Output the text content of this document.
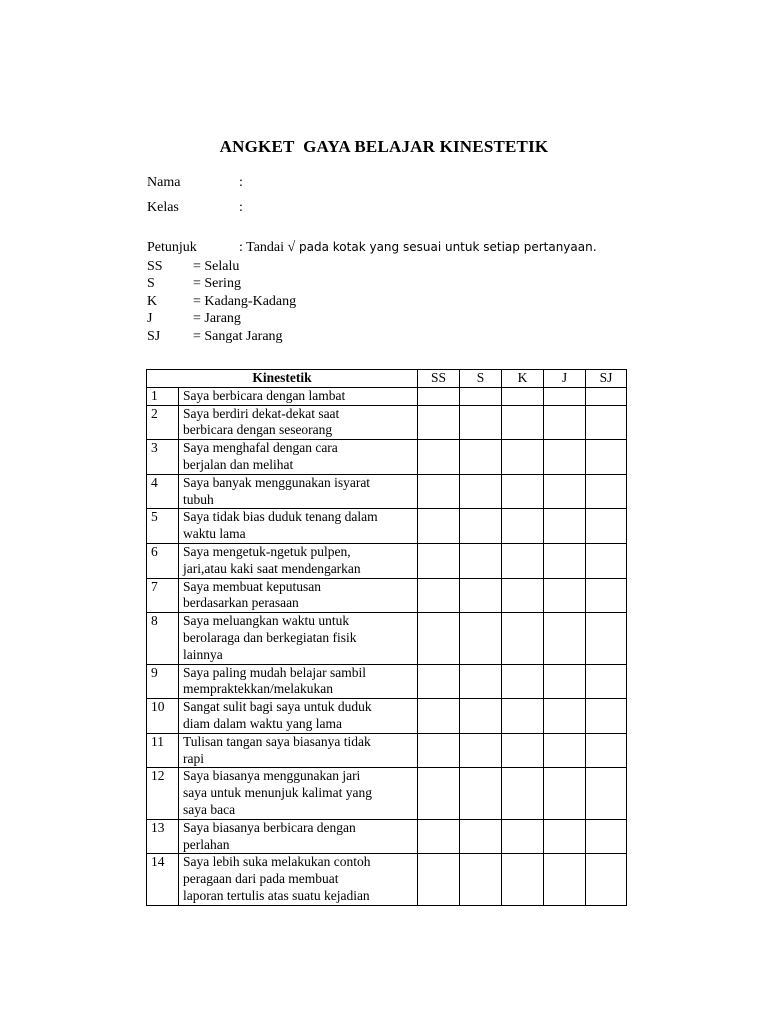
ANGKET  GAYA BELAJAR KINESTETIK
Nama	:
Kelas	:
Petunjuk	: Tandai √ pada kotak yang sesuai untuk setiap pertanyaan.
SS = Selalu
S	= Sering
K	= Kadang-Kadang
J	= Jarang
SJ = Sangat Jarang
Kinestetik		SS	S	K	J	SJ
1	Saya berbicara dengan lambat					

2	Saya berdiri dekat-dekat saat
berbicara dengan seseorang					

3	Saya menghafal dengan cara
berjalan dan melihat					

4	Saya banyak menggunakan isyarat
tubuh					

5	Saya tidak bias duduk tenang dalam
waktu lama					

6	Saya mengetuk-ngetuk pulpen,
jari,atau kaki saat mendengarkan					

7	Saya membuat keputusan
berdasarkan perasaan					

8	Saya meluangkan waktu untuk
berolaraga dan berkegiatan fisik
lainnya					

9	Saya paling mudah belajar sambil
mempraktekkan/melakukan					

10	Sangat sulit bagi saya untuk duduk
diam dalam waktu yang lama					

11	Tulisan tangan saya biasanya tidak
rapi					

12	Saya biasanya menggunakan jari
saya untuk menunjuk kalimat yang
saya baca					

13	Saya biasanya berbicara dengan
perlahan					

14	Saya lebih suka melakukan contoh
peragaan dari pada membuat
laporan tertulis atas suatu kejadian					
